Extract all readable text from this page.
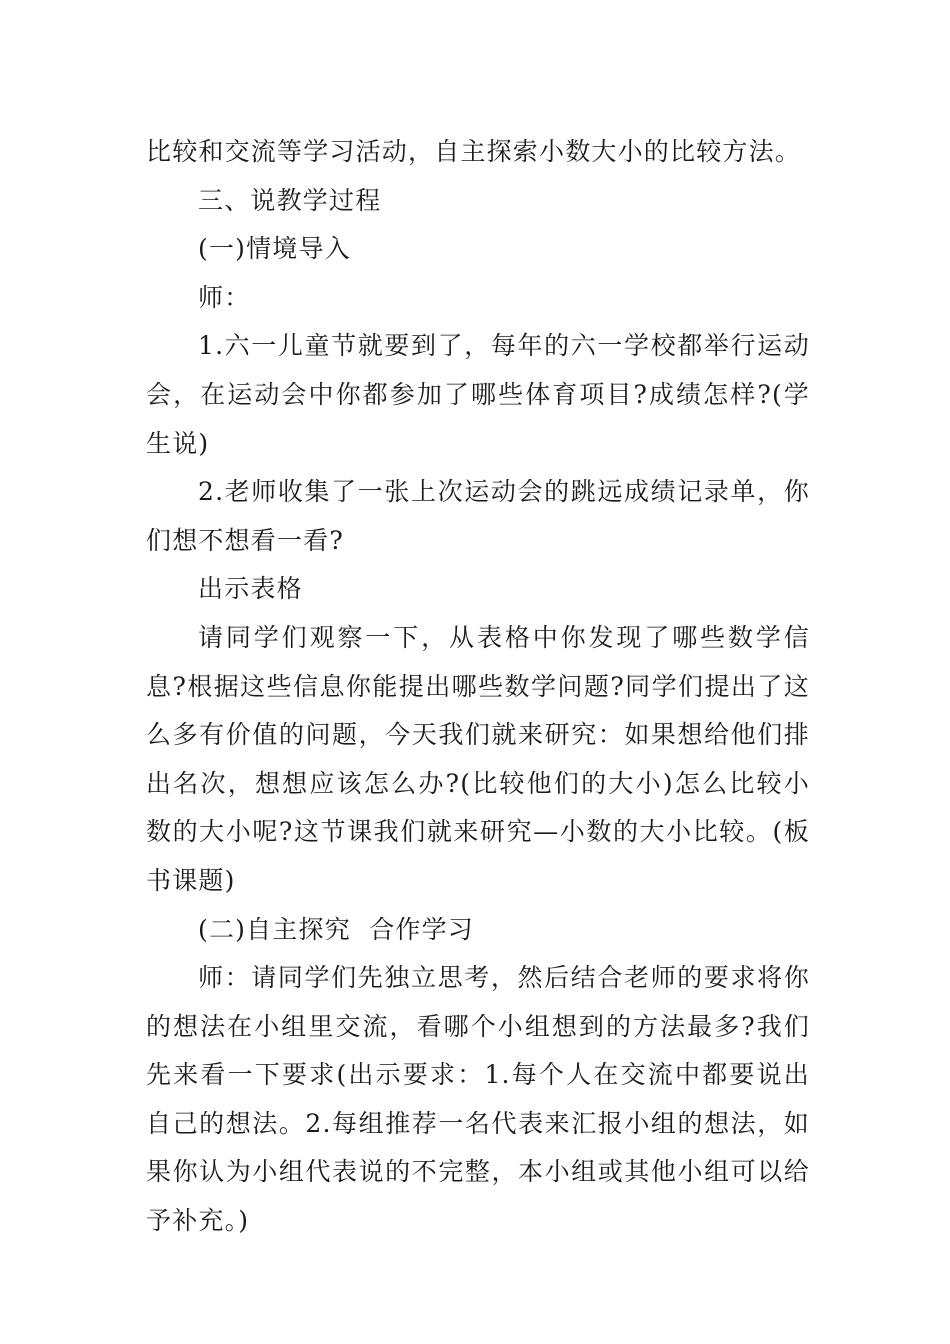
比较和交流等学习活动，自主探索小数大小的比较方法。

三、说教学过程

(一)情境导入

师：

1.六一儿童节就要到了，每年的六一学校都举行运动会，在运动会中你都参加了哪些体育项目?成绩怎样?(学生说)

2.老师收集了一张上次运动会的跳远成绩记录单，你们想不想看一看?

出示表格

请同学们观察一下，从表格中你发现了哪些数学信息?根据这些信息你能提出哪些数学问题?同学们提出了这么多有价值的问题，今天我们就来研究：如果想给他们排出名次，想想应该怎么办?(比较他们的大小)怎么比较小数的大小呢?这节课我们就来研究—小数的大小比较。(板书课题)

(二)自主探究  合作学习

师：请同学们先独立思考，然后结合老师的要求将你的想法在小组里交流，看哪个小组想到的方法最多?我们先来看一下要求(出示要求：1.每个人在交流中都要说出自己的想法。2.每组推荐一名代表来汇报小组的想法，如果你认为小组代表说的不完整，本小组或其他小组可以给予补充。)
